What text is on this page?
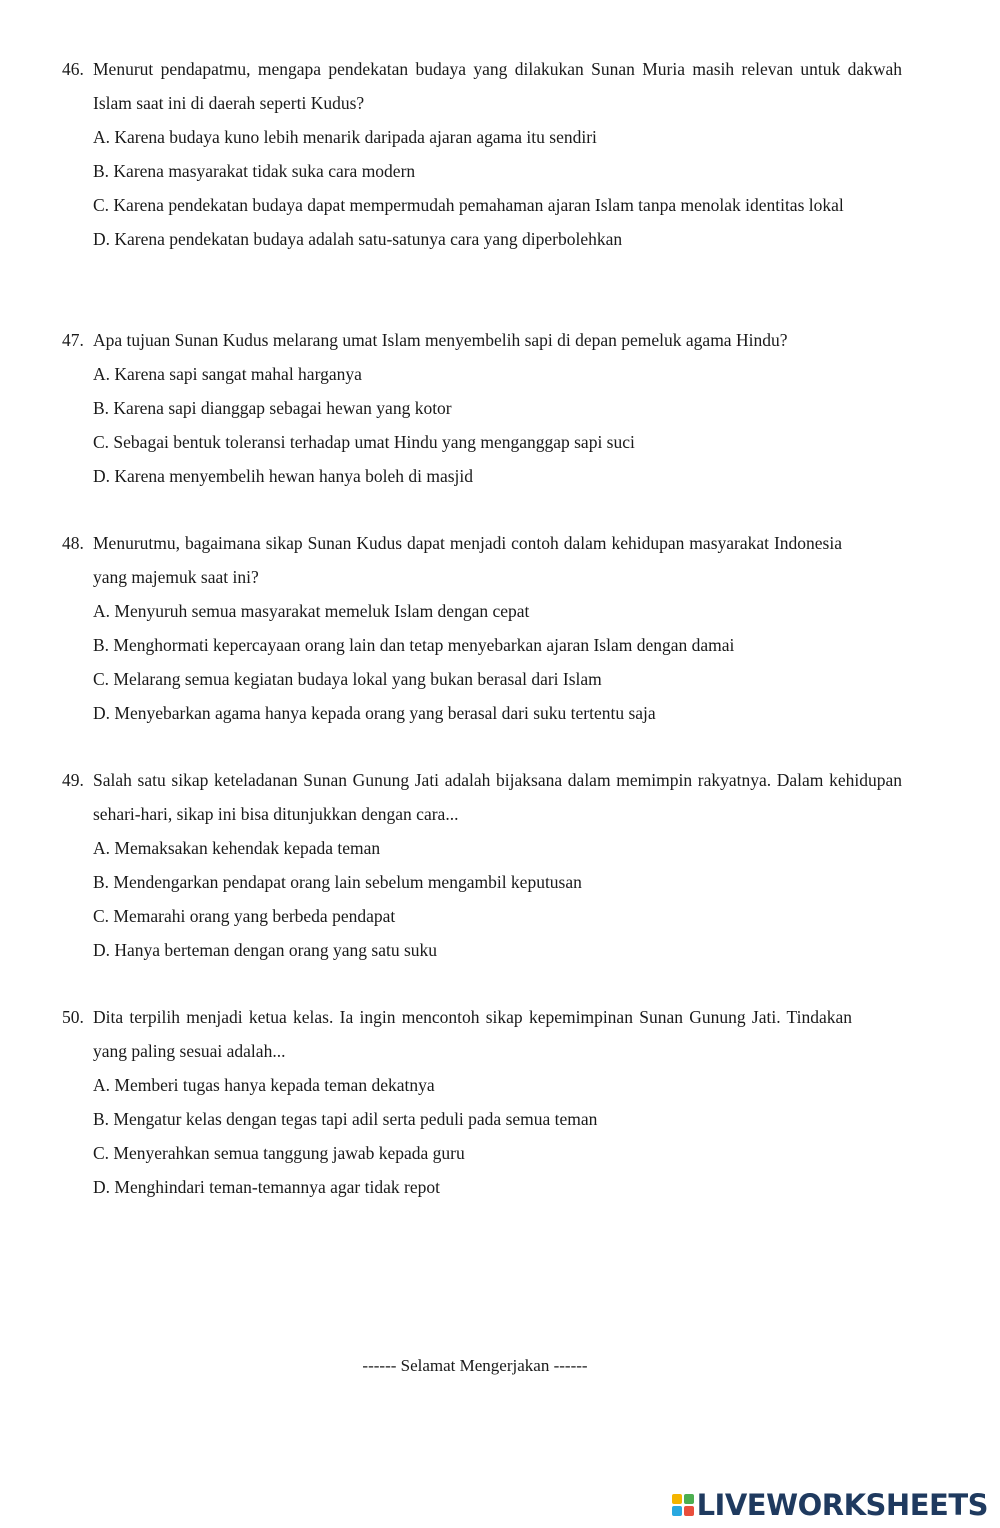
46. Menurut pendapatmu, mengapa pendekatan budaya yang dilakukan Sunan Muria masih relevan untuk dakwah Islam saat ini di daerah seperti Kudus?
A. Karena budaya kuno lebih menarik daripada ajaran agama itu sendiri
B. Karena masyarakat tidak suka cara modern
C. Karena pendekatan budaya dapat mempermudah pemahaman ajaran Islam tanpa menolak identitas lokal
D. Karena pendekatan budaya adalah satu-satunya cara yang diperbolehkan
47. Apa tujuan Sunan Kudus melarang umat Islam menyembelih sapi di depan pemeluk agama Hindu?
A. Karena sapi sangat mahal harganya
B. Karena sapi dianggap sebagai hewan yang kotor
C. Sebagai bentuk toleransi terhadap umat Hindu yang menganggap sapi suci
D. Karena menyembelih hewan hanya boleh di masjid
48. Menurutmu, bagaimana sikap Sunan Kudus dapat menjadi contoh dalam kehidupan masyarakat Indonesia yang majemuk saat ini?
A. Menyuruh semua masyarakat memeluk Islam dengan cepat
B. Menghormati kepercayaan orang lain dan tetap menyebarkan ajaran Islam dengan damai
C. Melarang semua kegiatan budaya lokal yang bukan berasal dari Islam
D. Menyebarkan agama hanya kepada orang yang berasal dari suku tertentu saja
49. Salah satu sikap keteladanan Sunan Gunung Jati adalah bijaksana dalam memimpin rakyatnya. Dalam kehidupan sehari-hari, sikap ini bisa ditunjukkan dengan cara...
A. Memaksakan kehendak kepada teman
B. Mendengarkan pendapat orang lain sebelum mengambil keputusan
C. Memarahi orang yang berbeda pendapat
D. Hanya berteman dengan orang yang satu suku
50. Dita terpilih menjadi ketua kelas. Ia ingin mencontoh sikap kepemimpinan Sunan Gunung Jati. Tindakan yang paling sesuai adalah...
A. Memberi tugas hanya kepada teman dekatnya
B. Mengatur kelas dengan tegas tapi adil serta peduli pada semua teman
C. Menyerahkan semua tanggung jawab kepada guru
D. Menghindari teman-temannya agar tidak repot
------ Selamat Mengerjakan ------
LIVEWORKSHEETS
